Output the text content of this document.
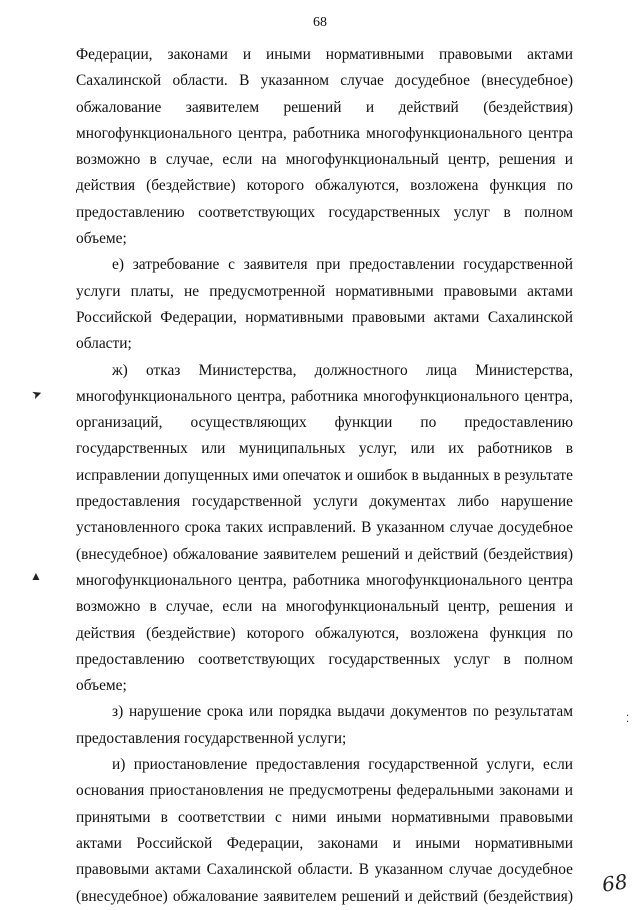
68

Федерации, законами и иными нормативными правовыми актами Сахалинской области. В указанном случае досудебное (внесудебное) обжалование заявителем решений и действий (бездействия) многофункционального центра, работника многофункционального центра возможно в случае, если на многофункциональный центр, решения и действия (бездействие) которого обжалуются, возложена функция по предоставлению соответствующих государственных услуг в полном объеме;

е) затребование с заявителя при предоставлении государственной услуги платы, не предусмотренной нормативными правовыми актами Российской Федерации, нормативными правовыми актами Сахалинской области;

ж) отказ Министерства, должностного лица Министерства, многофункционального центра, работника многофункционального центра, организаций, осуществляющих функции по предоставлению государственных или муниципальных услуг, или их работников в исправлении допущенных ими опечаток и ошибок в выданных в результате предоставления государственной услуги документах либо нарушение установленного срока таких исправлений. В указанном случае досудебное (внесудебное) обжалование заявителем решений и действий (бездействия) многофункционального центра, работника многофункционального центра возможно в случае, если на многофункциональный центр, решения и действия (бездействие) которого обжалуются, возложена функция по предоставлению соответствующих государственных услуг в полном объеме;

з) нарушение срока или порядка выдачи документов по результатам предоставления государственной услуги;

и) приостановление предоставления государственной услуги, если основания приостановления не предусмотрены федеральными законами и принятыми в соответствии с ними иными нормативными правовыми актами Российской Федерации, законами и иными нормативными правовыми актами Сахалинской области. В указанном случае досудебное (внесудебное) обжалование заявителем решений и действий (бездействия)

➤
▲
⁚
68
